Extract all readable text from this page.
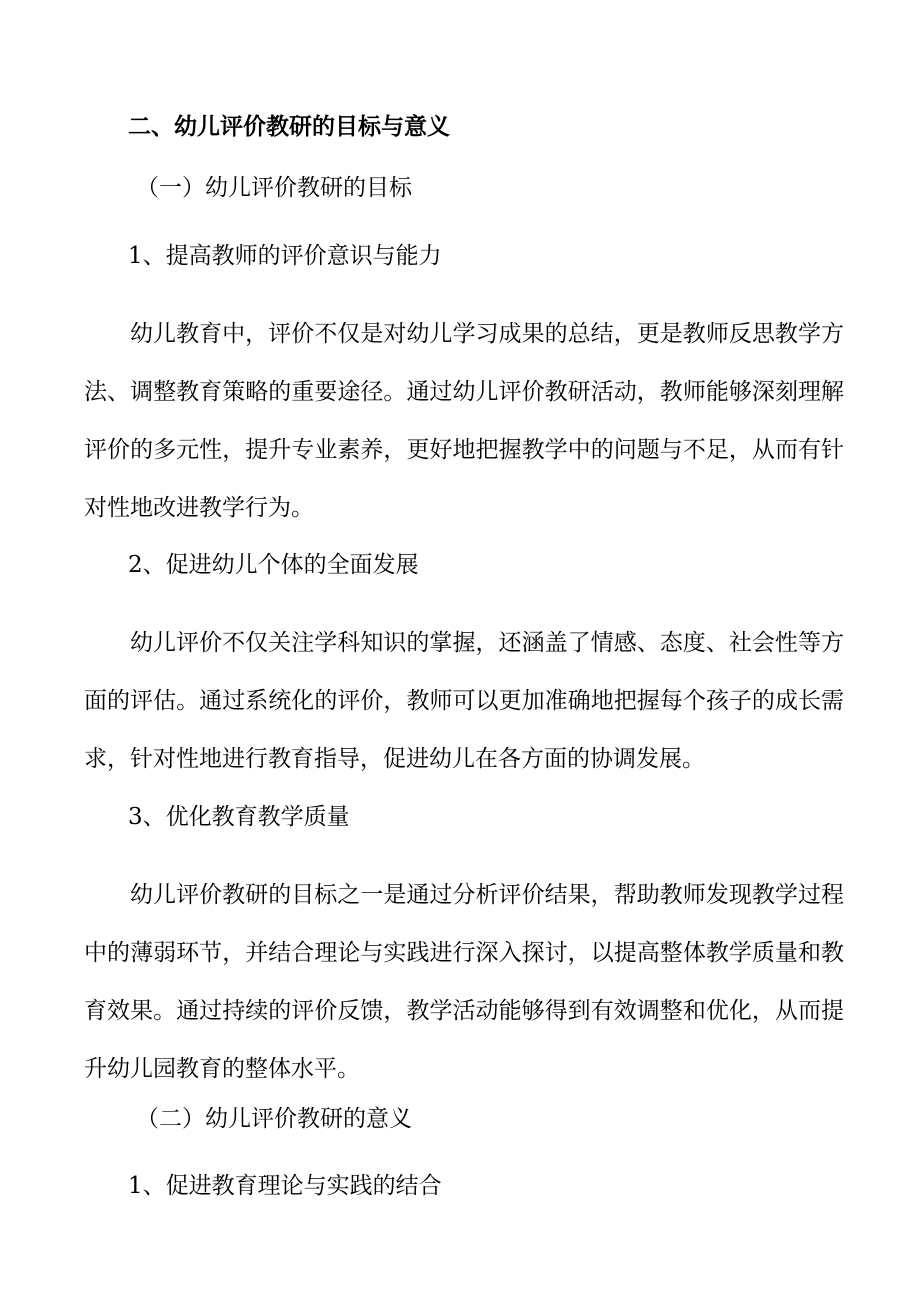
二、幼儿评价教研的目标与意义

（一）幼儿评价教研的目标

1、提高教师的评价意识与能力

幼儿教育中，评价不仅是对幼儿学习成果的总结，更是教师反思教学方法、调整教育策略的重要途径。通过幼儿评价教研活动，教师能够深刻理解评价的多元性，提升专业素养，更好地把握教学中的问题与不足，从而有针对性地改进教学行为。

2、促进幼儿个体的全面发展

幼儿评价不仅关注学科知识的掌握，还涵盖了情感、态度、社会性等方面的评估。通过系统化的评价，教师可以更加准确地把握每个孩子的成长需求，针对性地进行教育指导，促进幼儿在各方面的协调发展。

3、优化教育教学质量

幼儿评价教研的目标之一是通过分析评价结果，帮助教师发现教学过程中的薄弱环节，并结合理论与实践进行深入探讨，以提高整体教学质量和教育效果。通过持续的评价反馈，教学活动能够得到有效调整和优化，从而提升幼儿园教育的整体水平。

（二）幼儿评价教研的意义

1、促进教育理论与实践的结合
